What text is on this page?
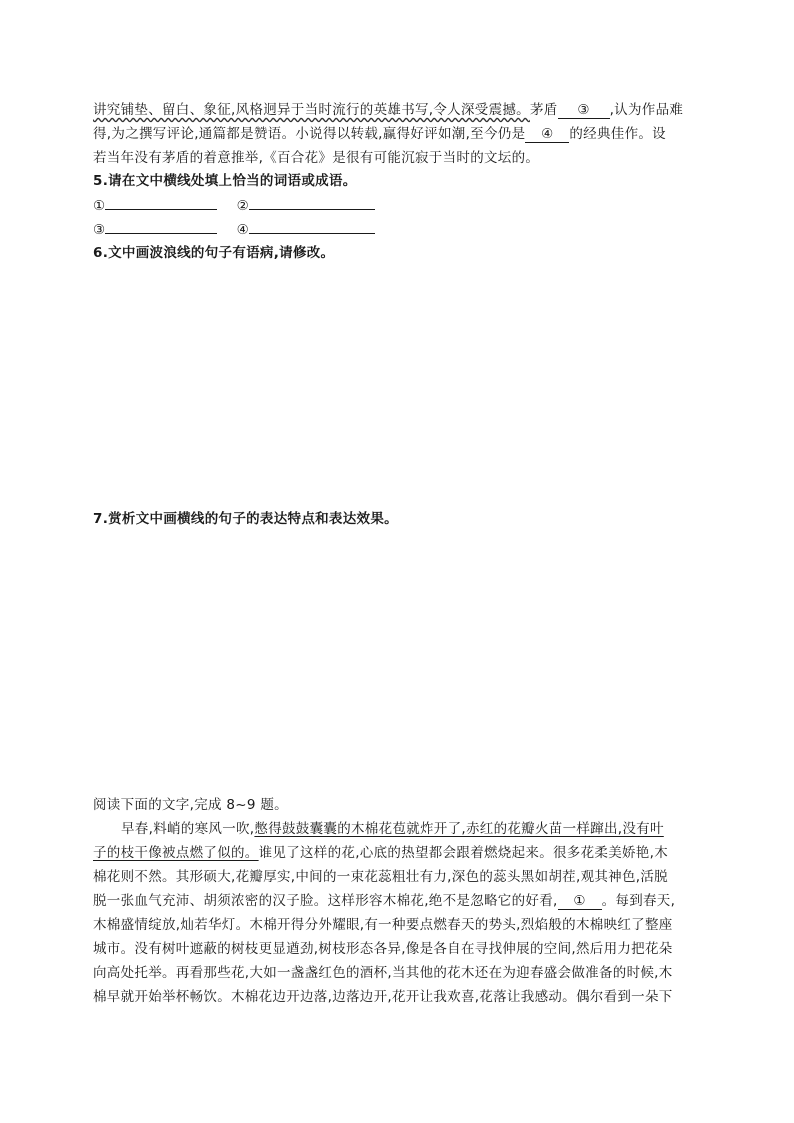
讲究铺垫、留白、象征,风格迥异于当时流行的英雄书写,令人深受震撼。茅盾 ③ ,认为作品难
得,为之撰写评论,通篇都是赞语。小说得以转载,赢得好评如潮,至今仍是 ④ 的经典佳作。设
若当年没有茅盾的着意推举,《百合花》是很有可能沉寂于当时的文坛的。
5.请在文中横线处填上恰当的词语或成语。
①	②
③	④
6.文中画波浪线的句子有语病,请修改。
7.赏析文中画横线的句子的表达特点和表达效果。
阅读下面的文字,完成 8~9 题。
早春,料峭的寒风一吹,憋得鼓鼓囊囊的木棉花苞就炸开了,赤红的花瓣火苗一样蹿出,没有叶
子的枝干像被点燃了似的。谁见了这样的花,心底的热望都会跟着燃烧起来。很多花柔美娇艳,木
棉花则不然。其形硕大,花瓣厚实,中间的一束花蕊粗壮有力,深色的蕊头黑如胡茬,观其神色,活脱
脱一张血气充沛、胡须浓密的汉子脸。这样形容木棉花,绝不是忽略它的好看, ① 。每到春天,
木棉盛情绽放,灿若华灯。木棉开得分外耀眼,有一种要点燃春天的势头,烈焰般的木棉映红了整座
城市。没有树叶遮蔽的树枝更显遒劲,树枝形态各异,像是各自在寻找伸展的空间,然后用力把花朵
向高处托举。再看那些花,大如一盏盏红色的酒杯,当其他的花木还在为迎春盛会做准备的时候,木
棉早就开始举杯畅饮。木棉花边开边落,边落边开,花开让我欢喜,花落让我感动。偶尔看到一朵下
